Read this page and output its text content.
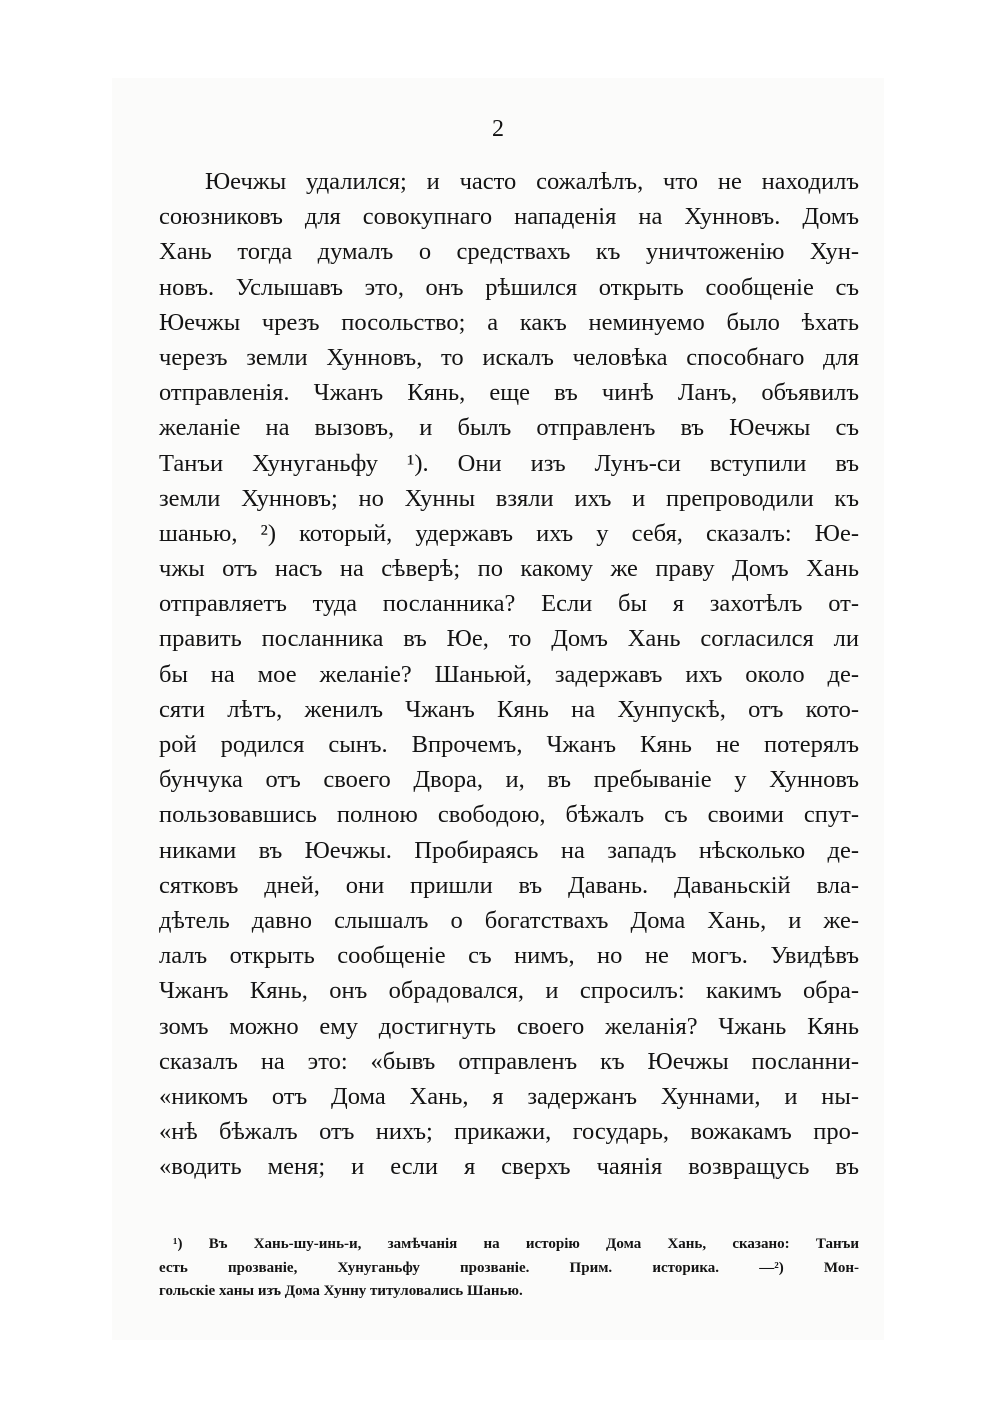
2
Юечжы удалился; и часто сожалѣлъ, что не находилъ
союзниковъ для совокупнаго нападенія на Хунновъ. Домъ
Хань тогда думалъ о средствахъ къ уничтоженію Хун-
новъ. Услышавъ это, онъ рѣшился открыть сообщеніе съ
Юечжы чрезъ посольство; а какъ неминуемо было ѣхать
черезъ земли Хунновъ, то искалъ человѣка способнаго для
отправленія. Чжанъ Кянь, еще въ чинѣ Ланъ, объявилъ
желаніе на вызовъ, и былъ отправленъ въ Юечжы съ
Танъи Хунуганьфу ¹). Они изъ Лунъ-си вступили въ
земли Хунновъ; но Хунны взяли ихъ и препроводили къ
шанью, ²) который, удержавъ ихъ у себя, сказалъ: Юе-
чжы отъ насъ на сѣверѣ; по какому же праву Домъ Хань
отправляетъ туда посланника? Если бы я захотѣлъ от-
править посланника въ Юе, то Домъ Хань согласился ли
бы на мое желаніе? Шаньюй, задержавъ ихъ около де-
сяти лѣтъ, женилъ Чжанъ Кянь на Хунпускѣ, отъ кото-
рой родился сынъ. Впрочемъ, Чжанъ Кянь не потерялъ
бунчука отъ своего Двора, и, въ пребываніе у Хунновъ
пользовавшись полною свободою, бѣжалъ съ своими спут-
никами въ Юечжы. Пробираясь на западъ нѣсколько де-
сятковъ дней, они пришли въ Давань. Даваньскій вла-
дѣтель давно слышалъ о богатствахъ Дома Хань, и же-
лалъ открыть сообщеніе съ нимъ, но не могъ. Увидѣвъ
Чжанъ Кянь, онъ обрадовался, и спросилъ: какимъ обра-
зомъ можно ему достигнуть своего желанія? Чжань Кянь
сказалъ на это: «бывъ отправленъ къ Юечжы посланни-
«никомъ отъ Дома Хань, я задержанъ Хуннами, и ны-
«нѣ бѣжалъ отъ нихъ; прикажи, государь, вожакамъ про-
«водить меня; и если я сверхъ чаянія возвращусь въ
¹) Въ Хань-шу-инь-и, замѣчанія на исторію Дома Хань, сказано: Танъи
есть прозваніе, Хунуганьфу прозваніе. Прим. историка. —²) Мон-
гольскіе ханы изъ Дома Хунну титуловались Шанью.
